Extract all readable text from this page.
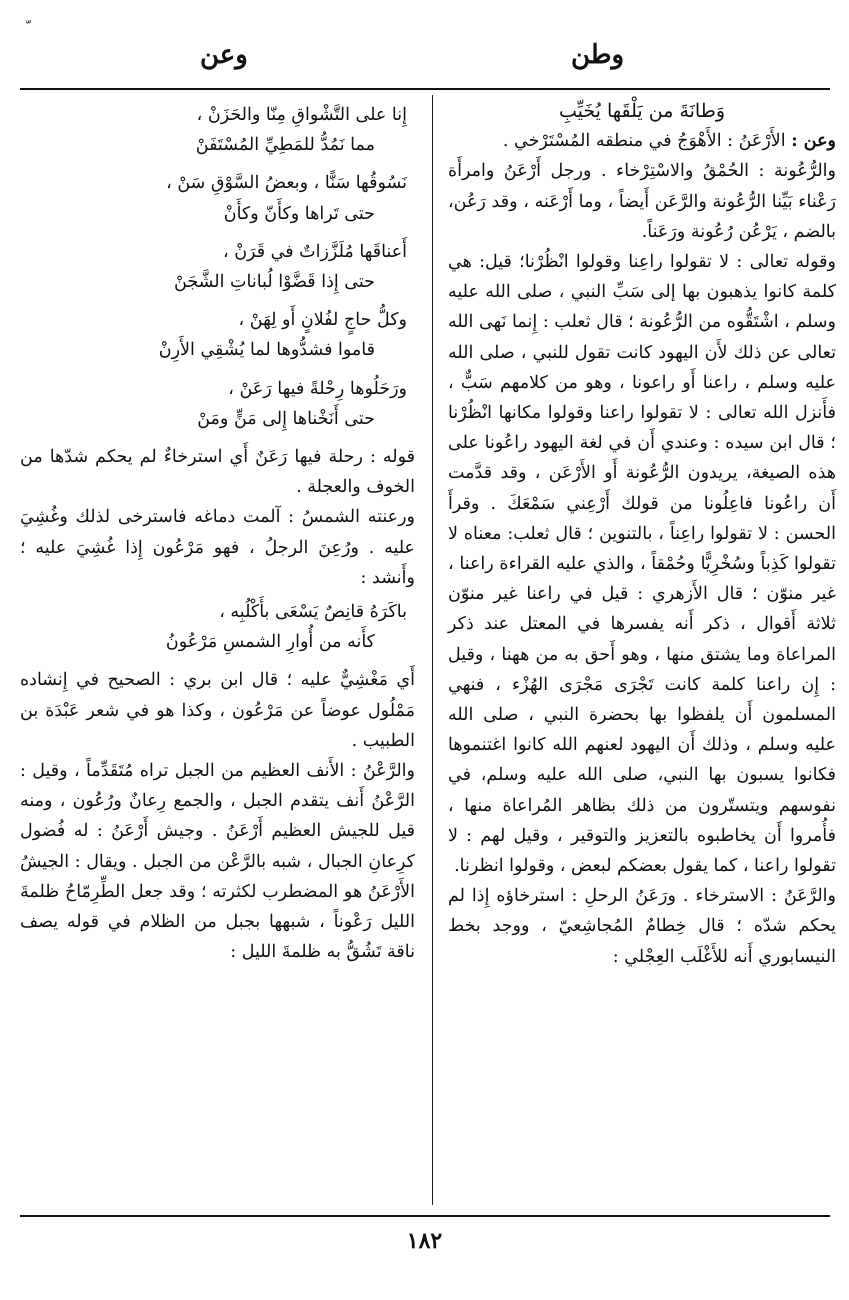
وطن
وعن

وَطانَةَ من يَلْقَها يُخَيِّبِ

وعن : الأَرْعَنُ : الأَهْوَجُ في منطقه المُسْتَرْخي .

والرُّعُونة : الحُمْقُ والاسْتِرْخاء . ورجل أَرْعَنُ وامرأَة رَعْناء بَيِّنا الرُّعُونة والرَّعَن أَيضاً ، وما أَرْعَنه ، وقد رَعُن، بالضم ، يَرْعُن رُعُونة ورَعَناً.

وقوله تعالى : لا تقولوا راعِنا وقولوا انْظُرْنا؛ قيل: هي كلمة كانوا يذهبون بها إلى سَبِّ النبي ، صلى الله عليه وسلم ، اشْتَقُّوه من الرُّعُونة ؛ قال ثعلب : إِنما نَهى الله تعالى عن ذلك لأَن اليهود كانت تقول للنبي ، صلى الله عليه وسلم ، راعنا أَو راعونا ، وهو من كلامهم سَبٌّ ، فأَنزل الله تعالى : لا تقولوا راعنا وقولوا مكانها انْظُرْنا ؛ قال ابن سيده : وعندي أَن في لغة اليهود راعُونا على هذه الصيغة، يريدون الرُّعُونة أَو الأَرْعَن ، وقد قدَّمت أَن راعُونا فاعِلُونا من قولك أَرْعِني سَمْعَكَ . وقرأَ الحسن : لا تقولوا راعِناً ، بالتنوين ؛ قال ثعلب: معناه لا تقولوا كَذِباً وسُخْرِيًّا وحُمْقاً ، والذي عليه القراءة راعنا ، غير منوّن ؛ قال الأَزهري : قيل في راعنا غير منوّن ثلاثة أَقوال ، ذكر أَنه يفسرها في المعتل عند ذكر المراعاة وما يشتق منها ، وهو أَحق به من ههنا ، وقيل : إِن راعنا كلمة كانت تَجْرَى مَجْرَى الهُزْء ، فنهي المسلمون أَن يلفظوا بها بحضرة النبي ، صلى الله عليه وسلم ، وذلك أَن اليهود لعنهم الله كانوا اغتنموها فكانوا يسبون بها النبي، صلى الله عليه وسلم، في نفوسهم ويتستّرون من ذلك بظاهر المُراعاة منها ، فأُمروا أَن يخاطبوه بالتعزيز والتوقير ، وقيل لهم : لا تقولوا راعنا ، كما يقول بعضكم لبعض ، وقولوا انظرنا.

والرَّعَنُ : الاسترخاء . ورَعَنُ الرحلِ : استرخاؤه إِذا لم يحكم شدّه ؛ قال خِطامٌ المُجاشِعيّ ، ووجد بخط النيسابوري أَنه للأَغْلَب العِجْلي :

إِنا على التَّشْواقِ مِنّا والحَزَنْ ،

مما نَمُدُّ للمَطِيِّ المُسْتَفَنْ

نَسُوقُها سَنًّا ، وبعضُ السَّوْقِ سَنْ ،

حتى تَراها وكأَنّ وكأَنْ

أَعناقَها مُلَزَّزاتٌ في قَرَنْ ،

حتى إِذا قَضَّوْا لُباناتِ الشَّجَنْ

وكلُّ حاجٍ لفُلانٍ أَو لِهَنْ ،

قاموا فشدُّوها لما يُشْقِي الأَرِنْ

ورَحَلُوها رِحْلةً فيها رَعَنْ ،

حتى أَنَخْناها إِلى مَنٍّ ومَنْ

قوله : رحلة فيها رَعَنٌ أَي استرخاءٌ لم يحكم شدّها من الخوف والعجلة .

ورعنته الشمسُ : آلمت دماغه فاسترخى لذلك وغُشِيَ عليه . ورُعِنَ الرجلُ ، فهو مَرْعُون إِذا غُشِيَ عليه ؛ وأَنشد :

باكَرَهُ قانِصٌ يَسْعَى بأَكْلُبِه ،

كأَنه من أُوارِ الشمسِ مَرْعُونُ

أَي مَغْشِيٌّ عليه ؛ قال ابن بري : الصحيح في إِنشاده مَمْلُول عوضاً عن مَرْعُون ، وكذا هو في شعر عَبْدَة بن الطبيب .

والرَّعْنُ : الأَنف العظيم من الجبل تراه مُتَقَدِّماً ، وقيل : الرَّعْنُ أَنف يتقدم الجبل ، والجمع رِعانٌ ورُعُون ، ومنه قيل للجيش العظيم أَرْعَنُ . وجيش أَرْعَنُ : له فُضول كرِعانِ الجبال ، شبه بالرَّعْن من الجبل . ويقال : الجيشُ الأَرْعَنُ هو المضطرب لكثرته ؛ وقد جعل الطِّرِمّاحُ ظلمةَ الليل رَعْوناً ، شبهها بجبل من الظلام في قوله يصف ناقة تَشُقُّ به ظلمةَ الليل :

١٨٢
